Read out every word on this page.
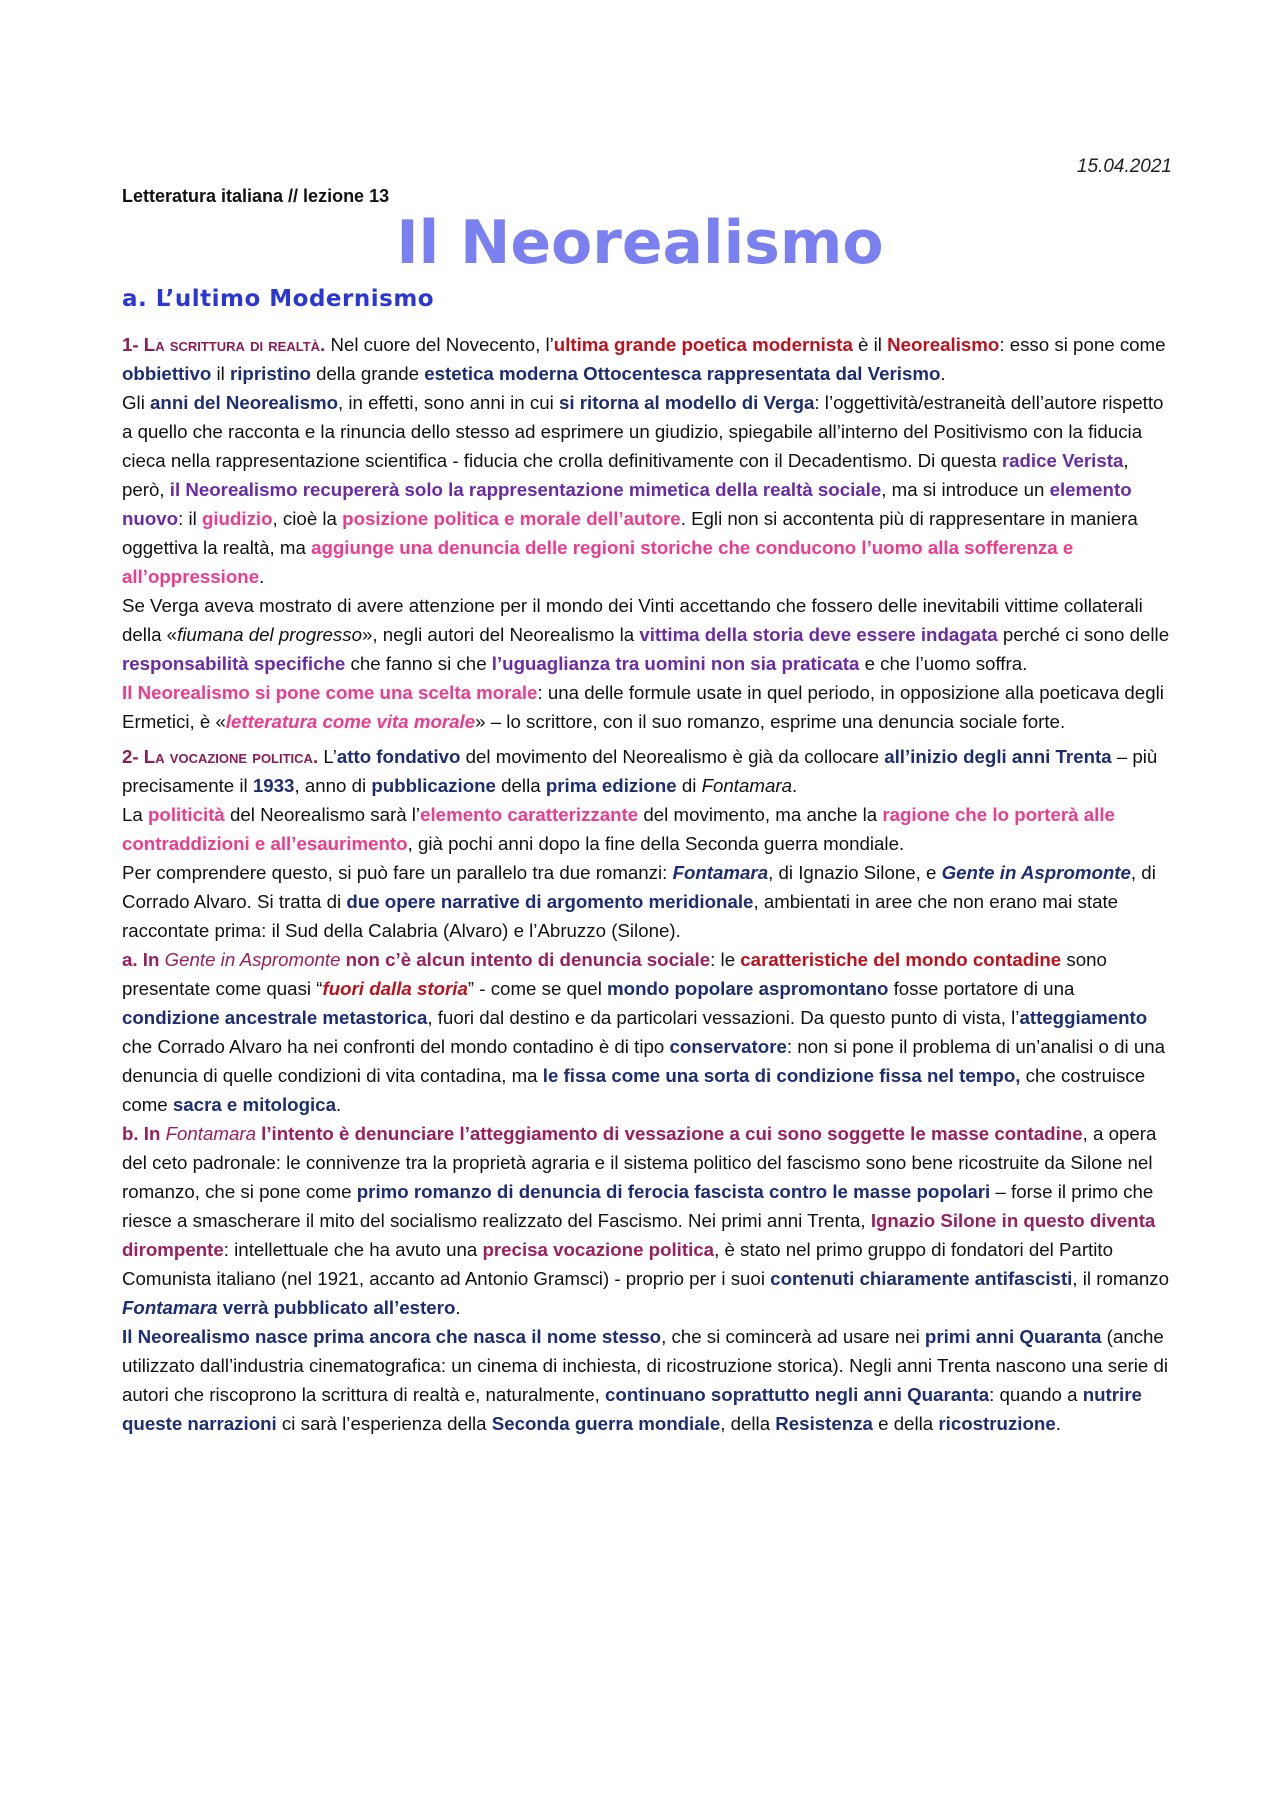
15.04.2021
Letteratura italiana // lezione 13
Il Neorealismo
a. L’ultimo Modernismo

1- La scrittura di realtà. Nel cuore del Novecento, l’ultima grande poetica modernista è il Neorealismo: esso si pone come obbiettivo il ripristino della grande estetica moderna Ottocentesca rappresentata dal Verismo.

Gli anni del Neorealismo, in effetti, sono anni in cui si ritorna al modello di Verga: l’oggettività/estraneità dell’autore rispetto a quello che racconta e la rinuncia dello stesso ad esprimere un giudizio, spiegabile all’interno del Positivismo con la fiducia cieca nella rappresentazione scientifica - fiducia che crolla definitivamente con il Decadentismo. Di questa radice Verista, però, il Neorealismo recupererà solo la rappresentazione mimetica della realtà sociale, ma si introduce un elemento nuovo: il giudizio, cioè la posizione politica e morale dell’autore. Egli non si accontenta più di rappresentare in maniera oggettiva la realtà, ma aggiunge una denuncia delle regioni storiche che conducono l’uomo alla sofferenza e all’oppressione.

Se Verga aveva mostrato di avere attenzione per il mondo dei Vinti accettando che fossero delle inevitabili vittime collaterali della «fiumana del progresso», negli autori del Neorealismo la vittima della storia deve essere indagata perché ci sono delle responsabilità specifiche che fanno si che l’uguaglianza tra uomini non sia praticata e che l’uomo soffra.

Il Neorealismo si pone come una scelta morale: una delle formule usate in quel periodo, in opposizione alla poeticava degli Ermetici, è «letteratura come vita morale» – lo scrittore, con il suo romanzo, esprime una denuncia sociale forte.

2- La vocazione politica. L’atto fondativo del movimento del Neorealismo è già da collocare all’inizio degli anni Trenta – più precisamente il 1933, anno di pubblicazione della prima edizione di Fontamara.

La politicità del Neorealismo sarà l’elemento caratterizzante del movimento, ma anche la ragione che lo porterà alle contraddizioni e all’esaurimento, già pochi anni dopo la fine della Seconda guerra mondiale.

Per comprendere questo, si può fare un parallelo tra due romanzi: Fontamara, di Ignazio Silone, e Gente in Aspromonte, di Corrado Alvaro. Si tratta di due opere narrative di argomento meridionale, ambientati in aree che non erano mai state raccontate prima: il Sud della Calabria (Alvaro) e l’Abruzzo (Silone).

a. In Gente in Aspromonte non c’è alcun intento di denuncia sociale: le caratteristiche del mondo contadine sono presentate come quasi “fuori dalla storia” - come se quel mondo popolare aspromontano fosse portatore di una condizione ancestrale metastorica, fuori dal destino e da particolari vessazioni. Da questo punto di vista, l’atteggiamento che Corrado Alvaro ha nei confronti del mondo contadino è di tipo conservatore: non si pone il problema di un’analisi o di una denuncia di quelle condizioni di vita contadina, ma le fissa come una sorta di condizione fissa nel tempo, che costruisce come sacra e mitologica.

b. In Fontamara l’intento è denunciare l’atteggiamento di vessazione a cui sono soggette le masse contadine, a opera del ceto padronale: le connivenze tra la proprietà agraria e il sistema politico del fascismo sono bene ricostruite da Silone nel romanzo, che si pone come primo romanzo di denuncia di ferocia fascista contro le masse popolari – forse il primo che riesce a smascherare il mito del socialismo realizzato del Fascismo. Nei primi anni Trenta, Ignazio Silone in questo diventa dirompente: intellettuale che ha avuto una precisa vocazione politica, è stato nel primo gruppo di fondatori del Partito Comunista italiano (nel 1921, accanto ad Antonio Gramsci) - proprio per i suoi contenuti chiaramente antifascisti, il romanzo Fontamara verrà pubblicato all’estero.

Il Neorealismo nasce prima ancora che nasca il nome stesso, che si comincerà ad usare nei primi anni Quaranta (anche utilizzato dall’industria cinematografica: un cinema di inchiesta, di ricostruzione storica). Negli anni Trenta nascono una serie di autori che riscoprono la scrittura di realtà e, naturalmente, continuano soprattutto negli anni Quaranta: quando a nutrire queste narrazioni ci sarà l’esperienza della Seconda guerra mondiale, della Resistenza e della ricostruzione.
